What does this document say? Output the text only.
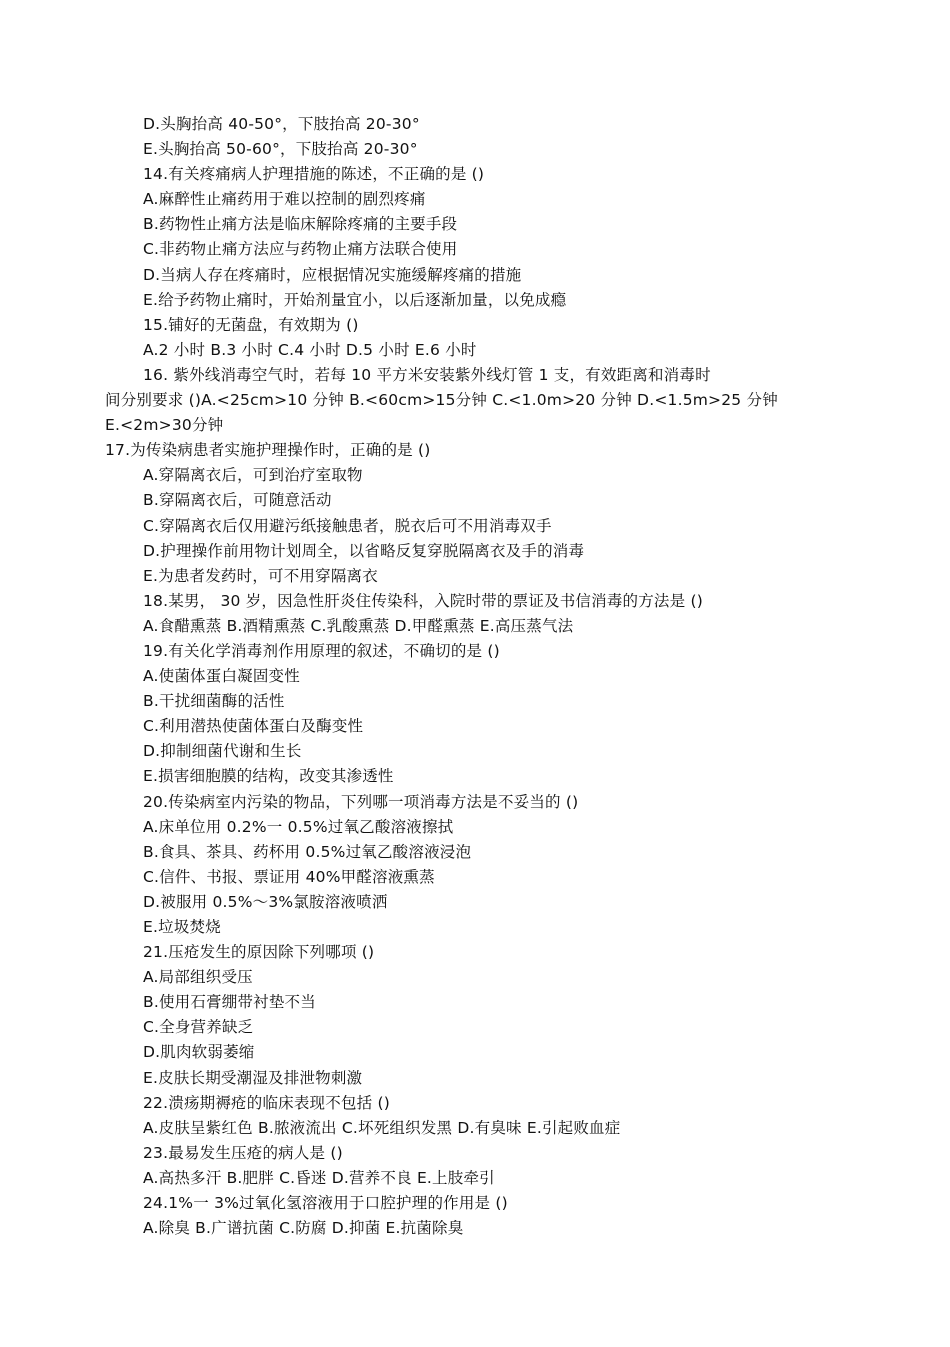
D.头胸抬高 40-50°，下肢抬高 20-30°
E.头胸抬高 50-60°，下肢抬高 20-30°
14.有关疼痛病人护理措施的陈述，不正确的是 ()
A.麻醉性止痛药用于难以控制的剧烈疼痛
B.药物性止痛方法是临床解除疼痛的主要手段
C.非药物止痛方法应与药物止痛方法联合使用
D.当病人存在疼痛时，应根据情况实施缓解疼痛的措施
E.给予药物止痛时，开始剂量宜小，以后逐渐加量，以免成瘾
15.铺好的无菌盘，有效期为 ()
A.2 小时 B.3 小时 C.4 小时 D.5 小时 E.6 小时
16. 紫外线消毒空气时，若每 10 平方米安装紫外线灯管 1 支，有效距离和消毒时
间分别要求 ()A.<25cm>10 分钟 B.<60cm>15分钟 C.<1.0m>20 分钟 D.<1.5m>25 分钟
E.<2m>30分钟
17.为传染病患者实施护理操作时，正确的是 ()
A.穿隔离衣后，可到治疗室取物
B.穿隔离衣后，可随意活动
C.穿隔离衣后仅用避污纸接触患者，脱衣后可不用消毒双手
D.护理操作前用物计划周全，以省略反复穿脱隔离衣及手的消毒
E.为患者发药时，可不用穿隔离衣
18.某男， 30 岁，因急性肝炎住传染科，入院时带的票证及书信消毒的方法是 ()
A.食醋熏蒸 B.酒精熏蒸 C.乳酸熏蒸 D.甲醛熏蒸 E.高压蒸气法
19.有关化学消毒剂作用原理的叙述，不确切的是 ()
A.使菌体蛋白凝固变性
B.干扰细菌酶的活性
C.利用潜热使菌体蛋白及酶变性
D.抑制细菌代谢和生长
E.损害细胞膜的结构，改变其渗透性
20.传染病室内污染的物品，下列哪一项消毒方法是不妥当的 ()
A.床单位用 0.2%一 0.5%过氧乙酸溶液擦拭
B.食具、茶具、药杯用 0.5%过氧乙酸溶液浸泡
C.信件、书报、票证用 40%甲醛溶液熏蒸
D.被服用 0.5%～3%氯胺溶液喷洒
E.垃圾焚烧
21.压疮发生的原因除下列哪项 ()
A.局部组织受压
B.使用石膏绷带衬垫不当
C.全身营养缺乏
D.肌肉软弱萎缩
E.皮肤长期受潮湿及排泄物刺激
22.溃疡期褥疮的临床表现不包括 ()
A.皮肤呈紫红色 B.脓液流出 C.坏死组织发黑 D.有臭味 E.引起败血症
23.最易发生压疮的病人是 ()
A.高热多汗 B.肥胖 C.昏迷 D.营养不良 E.上肢牵引
24.1%一 3%过氧化氢溶液用于口腔护理的作用是 ()
A.除臭 B.广谱抗菌 C.防腐 D.抑菌 E.抗菌除臭
